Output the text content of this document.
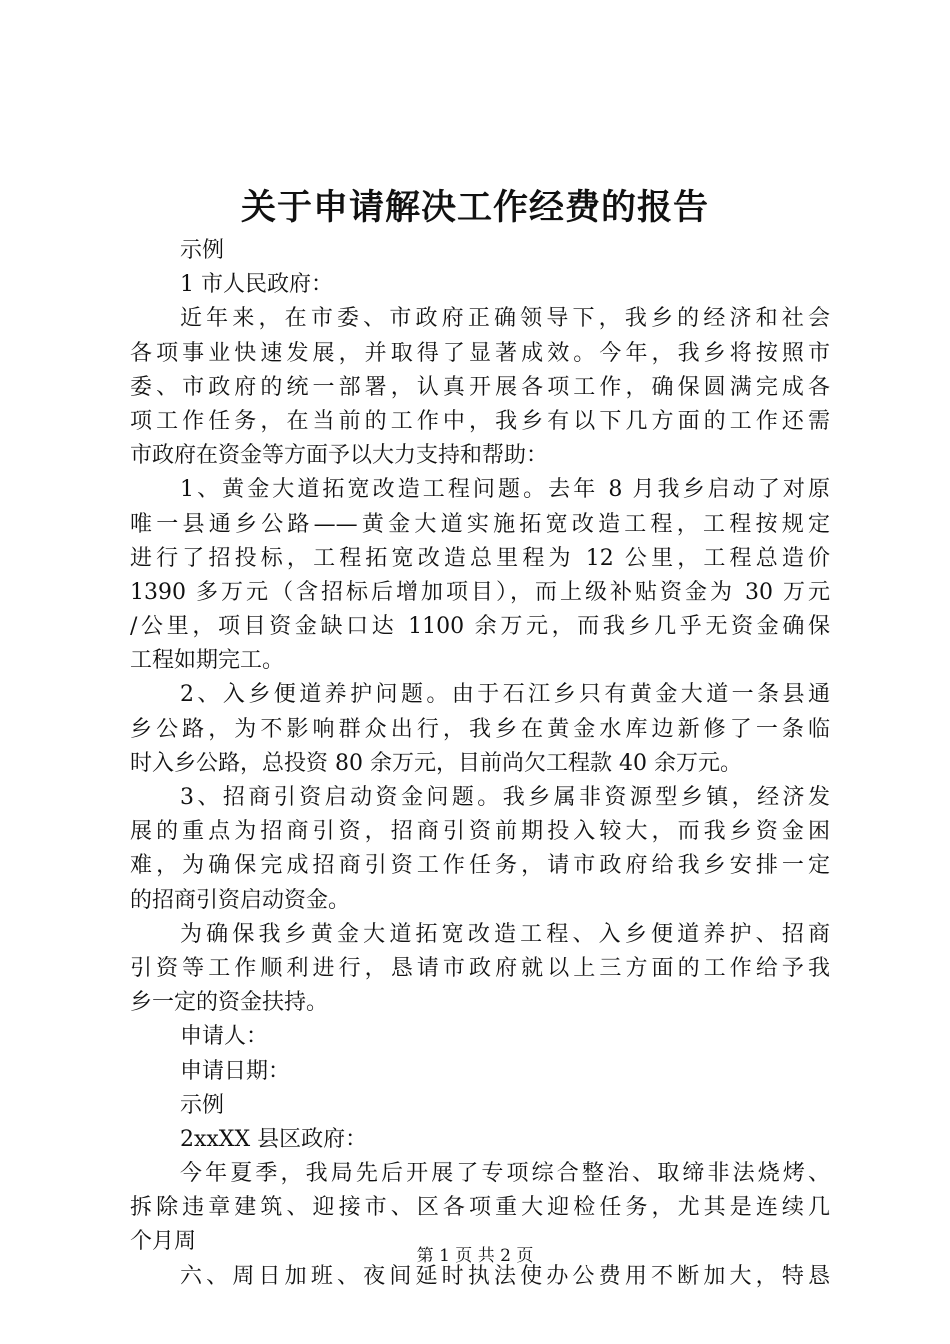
关于申请解决工作经费的报告
示例
1 市人民政府：
近年来，在市委、市政府正确领导下，我乡的经济和社会
各项事业快速发展，并取得了显著成效。今年，我乡将按照市
委、市政府的统一部署，认真开展各项工作，确保圆满完成各
项工作任务，在当前的工作中，我乡有以下几方面的工作还需
市政府在资金等方面予以大力支持和帮助：
1、黄金大道拓宽改造工程问题。去年 8 月我乡启动了对原
唯一县通乡公路——黄金大道实施拓宽改造工程，工程按规定
进行了招投标，工程拓宽改造总里程为 12 公里，工程总造价
1390 多万元（含招标后增加项目），而上级补贴资金为 30 万元
/公里，项目资金缺口达 1100 余万元，而我乡几乎无资金确保
工程如期完工。
2、入乡便道养护问题。由于石江乡只有黄金大道一条县通
乡公路，为不影响群众出行，我乡在黄金水库边新修了一条临
时入乡公路，总投资 80 余万元，目前尚欠工程款 40 余万元。
3、招商引资启动资金问题。我乡属非资源型乡镇，经济发
展的重点为招商引资，招商引资前期投入较大，而我乡资金困
难，为确保完成招商引资工作任务，请市政府给我乡安排一定
的招商引资启动资金。
为确保我乡黄金大道拓宽改造工程、入乡便道养护、招商
引资等工作顺利进行，恳请市政府就以上三方面的工作给予我
乡一定的资金扶持。
申请人：
申请日期：
示例
2xxXX 县区政府：
今年夏季，我局先后开展了专项综合整治、取缔非法烧烤、
拆除违章建筑、迎接市、区各项重大迎检任务，尤其是连续几
个月周
六、周日加班、夜间延时执法使办公费用不断加大，特恳
第 1 页 共 2 页
